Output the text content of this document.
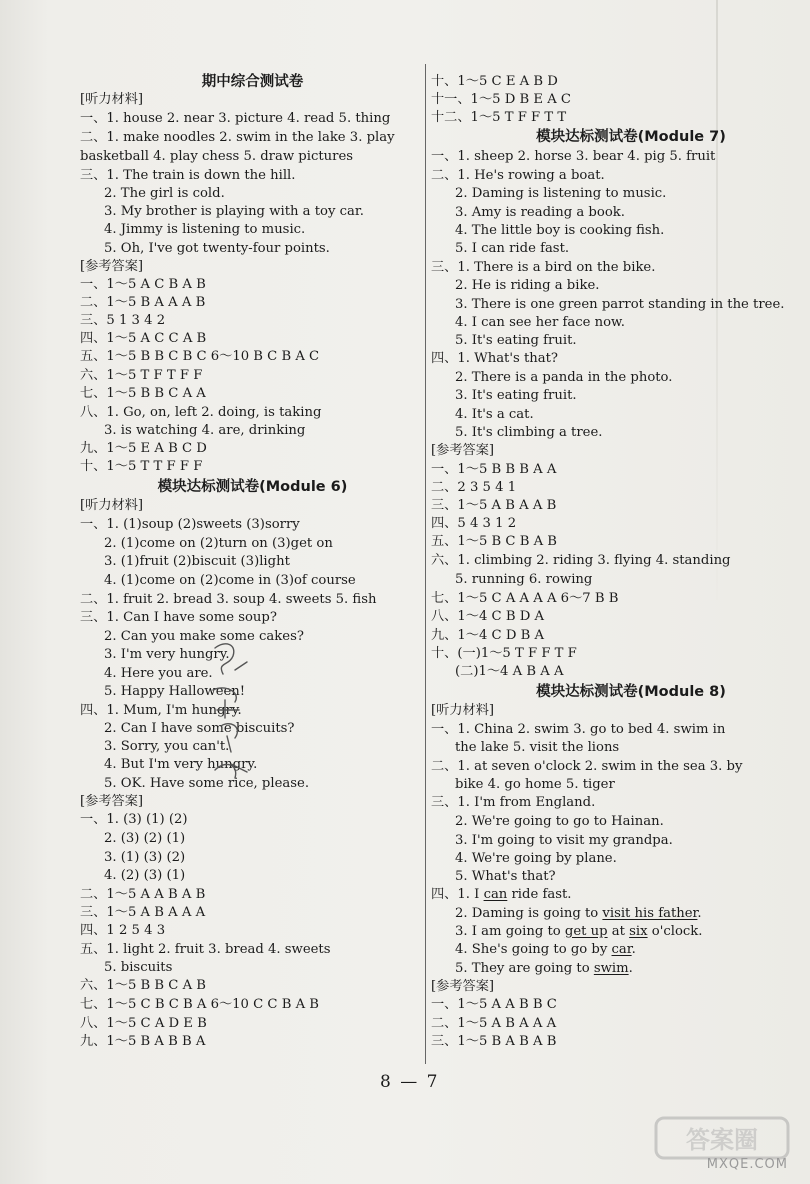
期中综合测试卷
[听力材料]
一、1. house 2. near 3. picture 4. read 5. thing
二、1. make noodles 2. swim in the lake 3. play
basketball 4. play chess 5. draw pictures
三、1. The train is down the hill.
2. The girl is cold.
3. My brother is playing with a toy car.
4. Jimmy is listening to music.
5. Oh, I've got twenty-four points.
[参考答案]
一、1～5 A C B A B
二、1～5 B A A A B
三、5 1 3 4 2
四、1～5 A C C A B
五、1～5 B B C B C 6～10 B C B A C
六、1～5 T F T F F
七、1～5 B B C A A
八、1. Go, on, left 2. doing, is taking
3. is watching 4. are, drinking
九、1～5 E A B C D
十、1～5 T T F F F
模块达标测试卷(Module 6)
[听力材料]
一、1. (1)soup (2)sweets (3)sorry
2. (1)come on (2)turn on (3)get on
3. (1)fruit (2)biscuit (3)light
4. (1)come on (2)come in (3)of course
二、1. fruit 2. bread 3. soup 4. sweets 5. fish
三、1. Can I have some soup?
2. Can you make some cakes?
3. I'm very hungry.
4. Here you are.
5. Happy Halloween!
四、1. Mum, I'm hungry.
2. Can I have some biscuits?
3. Sorry, you can't.
4. But I'm very hungry.
5. OK. Have some rice, please.
[参考答案]
一、1. (3) (1) (2)
2. (3) (2) (1)
3. (1) (3) (2)
4. (2) (3) (1)
二、1～5 A A B A B
三、1～5 A B A A A
四、1 2 5 4 3
五、1. light 2. fruit 3. bread 4. sweets
5. biscuits
六、1～5 B B C A B
七、1～5 C B C B A 6～10 C C B A B
八、1～5 C A D E B
九、1～5 B A B B A
十、1～5 C E A B D
十一、1～5 D B E A C
十二、1～5 T F F T T
模块达标测试卷(Module 7)
一、1. sheep 2. horse 3. bear 4. pig 5. fruit
二、1. He's rowing a boat.
2. Daming is listening to music.
3. Amy is reading a book.
4. The little boy is cooking fish.
5. I can ride fast.
三、1. There is a bird on the bike.
2. He is riding a bike.
3. There is one green parrot standing in the tree.
4. I can see her face now.
5. It's eating fruit.
四、1. What's that?
2. There is a panda in the photo.
3. It's eating fruit.
4. It's a cat.
5. It's climbing a tree.
[参考答案]
一、1～5 B B B A A
二、2 3 5 4 1
三、1～5 A B A A B
四、5 4 3 1 2
五、1～5 B C B A B
六、1. climbing 2. riding 3. flying 4. standing
5. running 6. rowing
七、1～5 C A A A A 6～7 B B
八、1～4 C B D A
九、1～4 C D B A
十、(一)1～5 T F F T F
(二)1～4 A B A A
模块达标测试卷(Module 8)
[听力材料]
一、1. China 2. swim 3. go to bed 4. swim in
the lake 5. visit the lions
二、1. at seven o'clock 2. swim in the sea 3. by
bike 4. go home 5. tiger
三、1. I'm from England.
2. We're going to go to Hainan.
3. I'm going to visit my grandpa.
4. We're going by plane.
5. What's that?
四、1. I can ride fast.
2. Daming is going to visit his father.
3. I am going to get up at six o'clock.
4. She's going to go by car.
5. They are going to swim.
[参考答案]
一、1～5 A A B B C
二、1～5 A B A A A
三、1～5 B A B A B
8 — 7
答案圈
MXQE.COM
